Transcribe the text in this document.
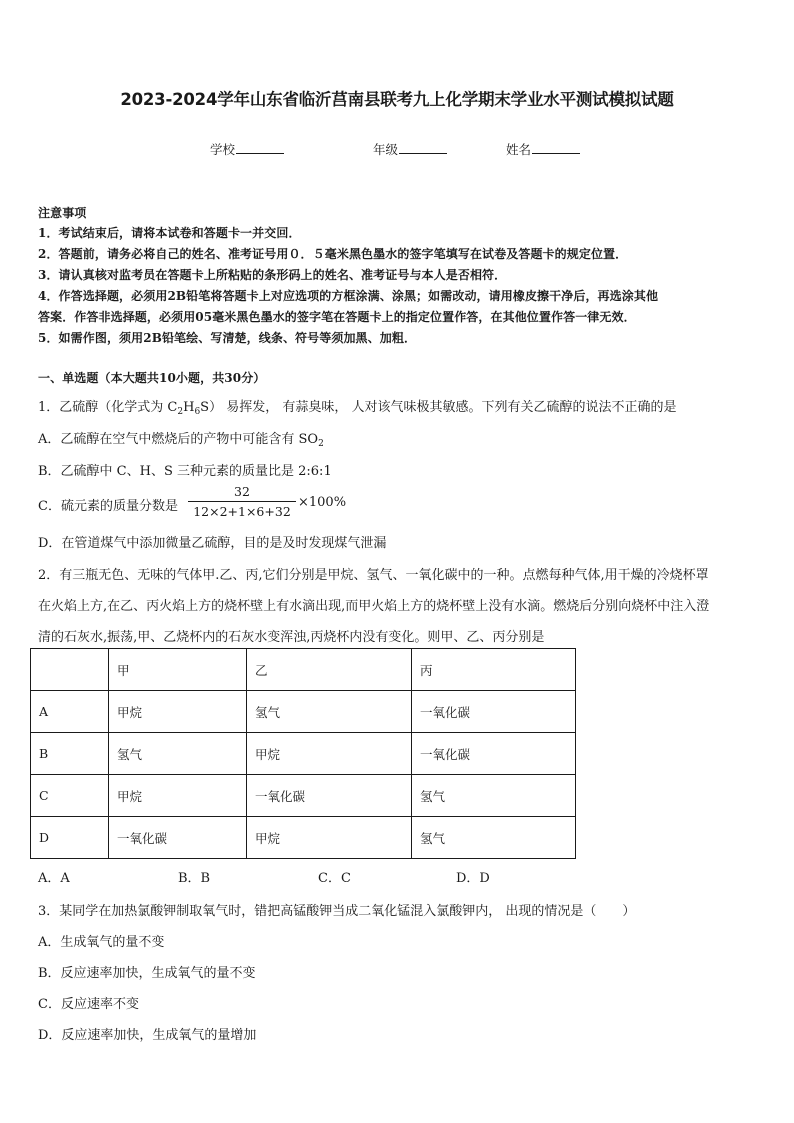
2023-2024学年山东省临沂莒南县联考九上化学期末学业水平测试模拟试题
学校	年级	姓名
注意事项
1．考试结束后，请将本试卷和答题卡一并交回．
2．答题前，请务必将自己的姓名、准考证号用０．５毫米黑色墨水的签字笔填写在试卷及答题卡的规定位置．
3．请认真核对监考员在答题卡上所粘贴的条形码上的姓名、准考证号与本人是否相符．
4．作答选择题，必须用2B铅笔将答题卡上对应选项的方框涂满、涂黑；如需改动，请用橡皮擦干净后，再选涂其他
答案．作答非选择题，必须用05毫米黑色墨水的签字笔在答题卡上的指定位置作答，在其他位置作答一律无效．
5．如需作图，须用2B铅笔绘、写清楚，线条、符号等须加黑、加粗．
一、单选题（本大题共10小题，共30分）
1．乙硫醇（化学式为 $C_2H_6S$） 易挥发， 有蒜臭味， 人对该气味极其敏感。下列有关乙硫醇的说法不正确的是
A．乙硫醇在空气中燃烧后的产物中可能含有 $SO_2$
B．乙硫醇中 C、H、S 三种元素的质量比是 2:6:1
C．硫元素的质量分数是
32
12×2+1×6+32
×100%
D．在管道煤气中添加微量乙硫醇，目的是及时发现煤气泄漏
2．有三瓶无色、无味的气体甲.乙、丙,它们分别是甲烷、氢气、一氧化碳中的一种。点燃每种气体,用干燥的冷烧杯罩
在火焰上方,在乙、丙火焰上方的烧杯壁上有水滴出现,而甲火焰上方的烧杯壁上没有水滴。燃烧后分别向烧杯中注入澄
清的石灰水,振荡,甲、乙烧杯内的石灰水变浑浊,丙烧杯内没有变化。则甲、乙、丙分别是
	甲	乙	丙
A	甲烷	氢气	一氧化碳
B	氢气	甲烷	一氧化碳
C	甲烷	一氧化碳	氢气
D	一氧化碳	甲烷	氢气
A．A	B．B	C．C	D．D
3．某同学在加热氯酸钾制取氧气时，错把高锰酸钾当成二氧化锰混入氯酸钾内， 出现的情况是（　　）
A．生成氧气的量不变
B．反应速率加快，生成氧气的量不变
C．反应速率不变
D．反应速率加快，生成氧气的量增加
